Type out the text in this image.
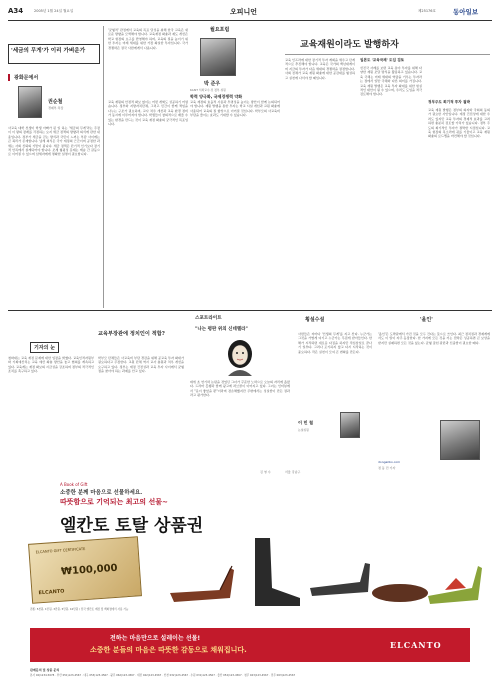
A34	2005년 1월 24일 월요일	오피니언	제25176호	동아일보
'세금의 무게'가 이리 가벼운가
광화문에서
권순철
경제부 차장
사교육 대학 선생이 학생 아빠가 된 일 하는 '세금의 무게'라는 주장이 이 땅의 장래를 걱정하는 요지 세금 정책의 방향과 의식에 관한 내용입니다. 정부가 세금을 걷는 방식과 국민이 느끼는 부담 사이에는 큰 괴리가 존재합니다. 납세 의식은 국가 재정의 근간이며 공정한 과세는 사회 신뢰의 기반이 됩니다. 세금 정책은 단기적 인기보다 장기적 안목에서 설계되어야 합니다. 조세 형평성 문제는 계층 간 갈등으로 이어질 수 있으며 납세자에게 명확한 설명이 필요합니다.
월요포럼
박 준우
KAIST 석좌교수·전 정부 위원
'균형적' 관점에서 교육의 목표 달성을 위해 한국 교육은 새로운 방향을 모색해야 합니다. 교육재정 확충과 제도 개선은 학교 현장의 요구를 반영해야 하며, 교육의 질을 높이기 위한 투자는 미래 세대를 위한 가장 확실한 투자입니다. 국가 경쟁력은 결국 사람에게서 나옵니다.
교육 재원의 안정적 확보 없이는 어떤 개혁도 성공하기 어렵습니다. 정부와 지방자치단체, 그리고 민간이 함께 책임을 나누는 구조가 필요하며, 교사 처우 개선과 교육 환경 정비가 동시에 이루어져야 합니다. 학생들이 창의적으로 배울 수 있는 환경을 만드는 것이 교육 재정 확충의 궁극적인 목표입니다.
교육 재정의 효율적 사용과 투명성을 높이는 방안이 함께 논의되어야 합니다. 재원 발행을 통한 투자는 학교 시설 개선과 교원 확충에 사용되어 교육의 질 향상으로 이어질 것입니다. 학부모의 사교육비 부담을 줄이는 효과도 기대할 수 있습니다.
교육재원이라도 발행하자
학력 양극화, 국제경쟁력 약화
교육 인프라에 대한 장기적 투자 계획을 세우고 단계적으로 추진해야 합니다. 교육은 국가의 백년대계이며 지금의 투자가 다음 세대의 경쟁력을 결정합니다. 사회 전체가 교육 재원 확충에 대한 공감대를 형성하고 실천에 나서야 할 때입니다.
일본도 '교육국채' 도입 검토
선진국 사례를 보면 교육 분야 투자를 위해 다양한 재원 조달 방식을 활용하고 있습니다. 교육 국채는 미래 세대의 역량을 키우는 투자라는 점에서 일반 국채와 다른 의미를 가집니다. 교육 재원 발행은 교육 투자 확대를 위한 현실적인 대안이 될 수 있으며, 우리도 도입을 적극 검토해야 합니다.
정부주도 회기적 투자 절박
교육 재원 발행은 정부의 의지와 국회의 동의가 필요한 사안입니다. 재정 건전성에 대한 우려도 있지만 교육 투자의 경제적 효과를 고려하면 충분히 검토할 가치가 있습니다. 정부 주도의 획기적인 투자가 절박한 시점입니다. 교육 현장의 목소리에 귀를 기울이고 교육 재원 확충의 로드맵을 마련해야 할 것입니다.
스포트라이트
"나는 평판 위의 신데렐라"
데뷔 초 연기력 논란을 겪었던 그녀가 꾸준한 노력으로 오늘의 자리에 올랐다. 드라마 흥행과 함께 광고계 러브콜이 이어지고 있다. 그녀는 인터뷰에서 "운이 좋았을 뿐"이라며 겸손해했지만 주변에서는 성실함이 만든 결과라고 평가한다.
횡설수설
사람들은 저마다 '인생의 무게'를 지고 산다. 누군가는 그것을 가볍게 여기고 누군가는 무겁게 받아들인다. 한 해가 시작되면 새로운 다짐을 하지만 작심삼일로 끝나기 일쑤다. 그러나 포기하지 않고 다시 시작하는 것이 중요하다. 작은 실천이 모여 큰 변화를 만든다.
이 민 철
논설위원
'올인'
'올인'은 도박판에서 가진 것을 모두 건다는 뜻으로 쓰인다. 최근 정치권과 경제계에서도 이 말이 자주 등장한다. 한 가지에 모든 것을 거는 전략은 성공하면 큰 보상을 받지만 실패하면 모든 것을 잃는다. 균형 잡힌 판단과 신중함이 필요한 때다.
dongailbo.com
정 동 민 기자
기자의 눈
청와대는 교육 재정 문제에 대한 입장을 밝혔다. 교육인적자원부와 기획예산처는 교육 예산 확충 방안을 놓고 협의를 계속하고 있다. 교육계는 재정 확보의 시급성을 강조하며 정부의 적극적인 조치를 촉구하고 있다.
학부모 단체들은 사교육비 부담 경감을 위해 공교육 투자 확대가 필요하다고 주장한다. 교원 단체 역시 교사 충원과 처우 개선을 요구하고 있다. 정부는 재정 건전성과 교육 투자 사이에서 균형점을 찾아야 하는 과제를 안고 있다.
교육부장관에 정치인이 적합?
김 영 수	서울 강남구
A Book of Gift
소중한 분께 마음으로 선물하세요.
따뜻함으로 기억되는 최고의 선물~
엘칸토 토탈 상품권
ELCANTO GIFT CERTIFICATE
₩100,000
ELCANTO
권종: 5천원, 1만원, 3만원, 5만원, 10만원 / 전국 엘칸토 매장 및 백화점에서 사용 가능
전하는 마음만으로 설레이는 선물!
소중한 분들의 마음은 따뜻한 감동으로 채워집니다.	ELCANTO
판매문의 및 상품 문의
본사 02)1234-5678 · 부산 051)123-4567 · 대구 053)123-4567 · 광주 062)123-4567 · 대전 042)123-4567 · 인천 032)123-4567 · 수원 031)123-4567 · 울산 052)123-4567 · 청주 043)123-4567 · 전주 063)123-4567
